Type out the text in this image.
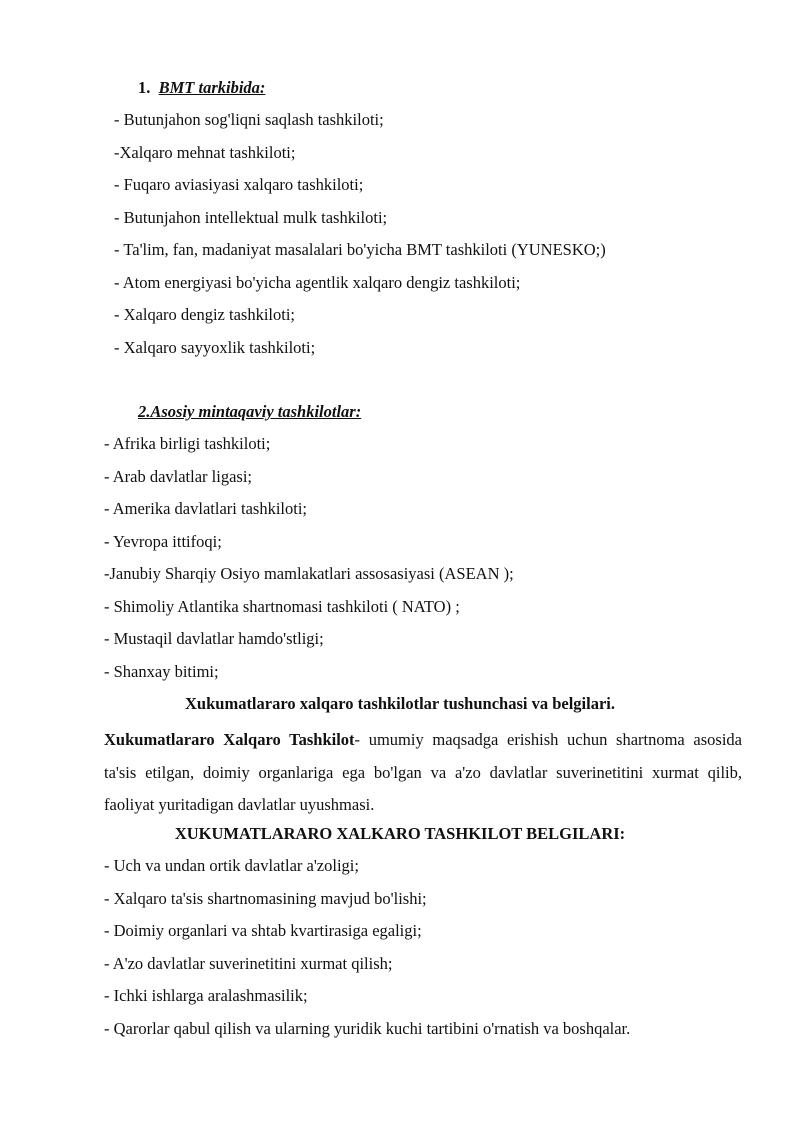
1. BMT tarkibida:
- Butunjahon sog'liqni saqlash tashkiloti;
-Xalqaro mehnat tashkiloti;
- Fuqaro aviasiyasi xalqaro tashkiloti;
- Butunjahon intellektual mulk tashkiloti;
- Ta'lim, fan, madaniyat masalalari bo'yicha BMT tashkiloti (YUNESKO;)
- Atom energiyasi bo'yicha agentlik xalqaro dengiz tashkiloti;
- Xalqaro dengiz tashkiloti;
- Xalqaro sayyoxlik tashkiloti;
2.Asosiy mintaqaviy tashkilotlar:
- Afrika birligi tashkiloti;
- Arab davlatlar ligasi;
- Amerika davlatlari tashkiloti;
- Yevropa ittifoqi;
-Janubiy Sharqiy Osiyo mamlakatlari assosasiyasi (ASEAN );
- Shimoliy Atlantika shartnomasi tashkiloti ( NATO) ;
- Mustaqil davlatlar hamdo'stligi;
- Shanxay bitimi;
Xukumatlararo xalqaro tashkilotlar tushunchasi va belgilari.
Xukumatlararo Xalqaro Tashkilot- umumiy maqsadga erishish uchun shartnoma asosida ta'sis etilgan, doimiy organlariga ega bo'lgan va a'zo davlatlar suverinetitini xurmat qilib, faoliyat yuritadigan davlatlar uyushmasi.
XUKUMATLARARO XALKARO TASHKILOT BELGILARI:
- Uch va undan ortik davlatlar a'zoligi;
- Xalqaro ta'sis shartnomasining mavjud bo'lishi;
- Doimiy organlari va shtab kvartirasiga egaligi;
- A'zo davlatlar suverinetitini xurmat qilish;
- Ichki ishlarga aralashmasilik;
- Qarorlar qabul qilish va ularning yuridik kuchi tartibini o'rnatish va boshqalar.
